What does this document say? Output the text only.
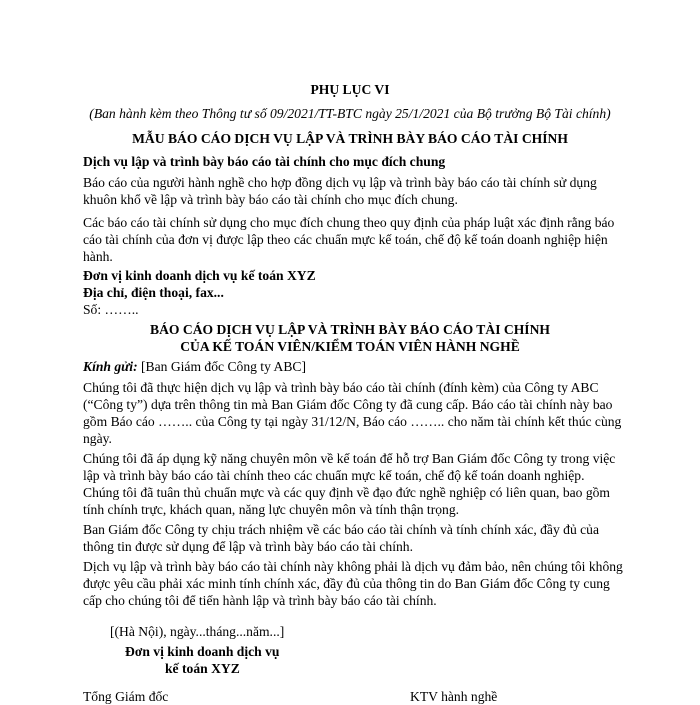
PHỤ LỤC VI

(Ban hành kèm theo Thông tư số 09/2021/TT-BTC ngày 25/1/2021 của Bộ trưởng Bộ Tài chính)

MẪU BÁO CÁO DỊCH VỤ LẬP VÀ TRÌNH BÀY BÁO CÁO TÀI CHÍNH

Dịch vụ lập và trình bày báo cáo tài chính cho mục đích chung

Báo cáo của người hành nghề cho hợp đồng dịch vụ lập và trình bày báo cáo tài chính sử dụng khuôn khổ về lập và trình bày báo cáo tài chính cho mục đích chung.

Các báo cáo tài chính sử dụng cho mục đích chung theo quy định của pháp luật xác định rằng báo cáo tài chính của đơn vị được lập theo các chuẩn mực kế toán, chế độ kế toán doanh nghiệp hiện hành.

Đơn vị kinh doanh dịch vụ kế toán XYZ

Địa chỉ, điện thoại, fax...

Số: ……..

BÁO CÁO DỊCH VỤ LẬP VÀ TRÌNH BÀY BÁO CÁO TÀI CHÍNH

CỦA KẾ TOÁN VIÊN/KIỂM TOÁN VIÊN HÀNH NGHỀ

Kính gửi: [Ban Giám đốc Công ty ABC]

Chúng tôi đã thực hiện dịch vụ lập và trình bày báo cáo tài chính (đính kèm) của Công ty ABC (“Công ty”) dựa trên thông tin mà Ban Giám đốc Công ty đã cung cấp. Báo cáo tài chính này bao gồm Báo cáo …….. của Công ty tại ngày 31/12/N, Báo cáo …….. cho năm tài chính kết thúc cùng ngày.

Chúng tôi đã áp dụng kỹ năng chuyên môn về kế toán để hỗ trợ Ban Giám đốc Công ty trong việc lập và trình bày báo cáo tài chính theo các chuẩn mực kế toán, chế độ kế toán doanh nghiệp. Chúng tôi đã tuân thủ chuẩn mực và các quy định về đạo đức nghề nghiệp có liên quan, bao gồm tính chính trực, khách quan, năng lực chuyên môn và tính thận trọng.

Ban Giám đốc Công ty chịu trách nhiệm về các báo cáo tài chính và tính chính xác, đầy đủ của thông tin được sử dụng để lập và trình bày báo cáo tài chính.

Dịch vụ lập và trình bày báo cáo tài chính này không phải là dịch vụ đảm bảo, nên chúng tôi không được yêu cầu phải xác minh tính chính xác, đầy đủ của thông tin do Ban Giám đốc Công ty cung cấp cho chúng tôi để tiến hành lập và trình bày báo cáo tài chính.

[(Hà Nội), ngày...tháng...năm...]

Đơn vị kinh doanh dịch vụ

kế toán XYZ

Tổng Giám đốc	KTV hành nghề
